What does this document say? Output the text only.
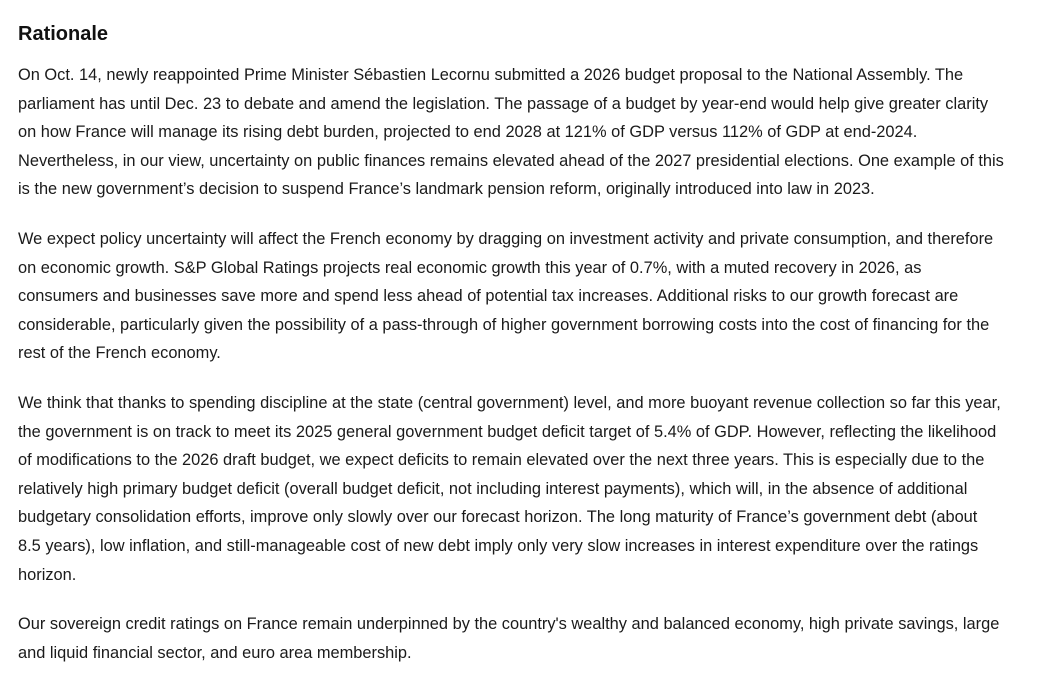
Rationale

On Oct. 14, newly reappointed Prime Minister Sébastien Lecornu submitted a 2026 budget proposal to the National Assembly. The
parliament has until Dec. 23 to debate and amend the legislation. The passage of a budget by year-end would help give greater clarity
on how France will manage its rising debt burden, projected to end 2028 at 121% of GDP versus 112% of GDP at end-2024.
Nevertheless, in our view, uncertainty on public finances remains elevated ahead of the 2027 presidential elections. One example of this
is the new government’s decision to suspend France’s landmark pension reform, originally introduced into law in 2023.

We expect policy uncertainty will affect the French economy by dragging on investment activity and private consumption, and therefore
on economic growth. S&P Global Ratings projects real economic growth this year of 0.7%, with a muted recovery in 2026, as
consumers and businesses save more and spend less ahead of potential tax increases. Additional risks to our growth forecast are
considerable, particularly given the possibility of a pass-through of higher government borrowing costs into the cost of financing for the
rest of the French economy.

We think that thanks to spending discipline at the state (central government) level, and more buoyant revenue collection so far this year,
the government is on track to meet its 2025 general government budget deficit target of 5.4% of GDP. However, reflecting the likelihood
of modifications to the 2026 draft budget, we expect deficits to remain elevated over the next three years. This is especially due to the
relatively high primary budget deficit (overall budget deficit, not including interest payments), which will, in the absence of additional
budgetary consolidation efforts, improve only slowly over our forecast horizon. The long maturity of France’s government debt (about
8.5 years), low inflation, and still-manageable cost of new debt imply only very slow increases in interest expenditure over the ratings
horizon.

Our sovereign credit ratings on France remain underpinned by the country's wealthy and balanced economy, high private savings, large
and liquid financial sector, and euro area membership.
